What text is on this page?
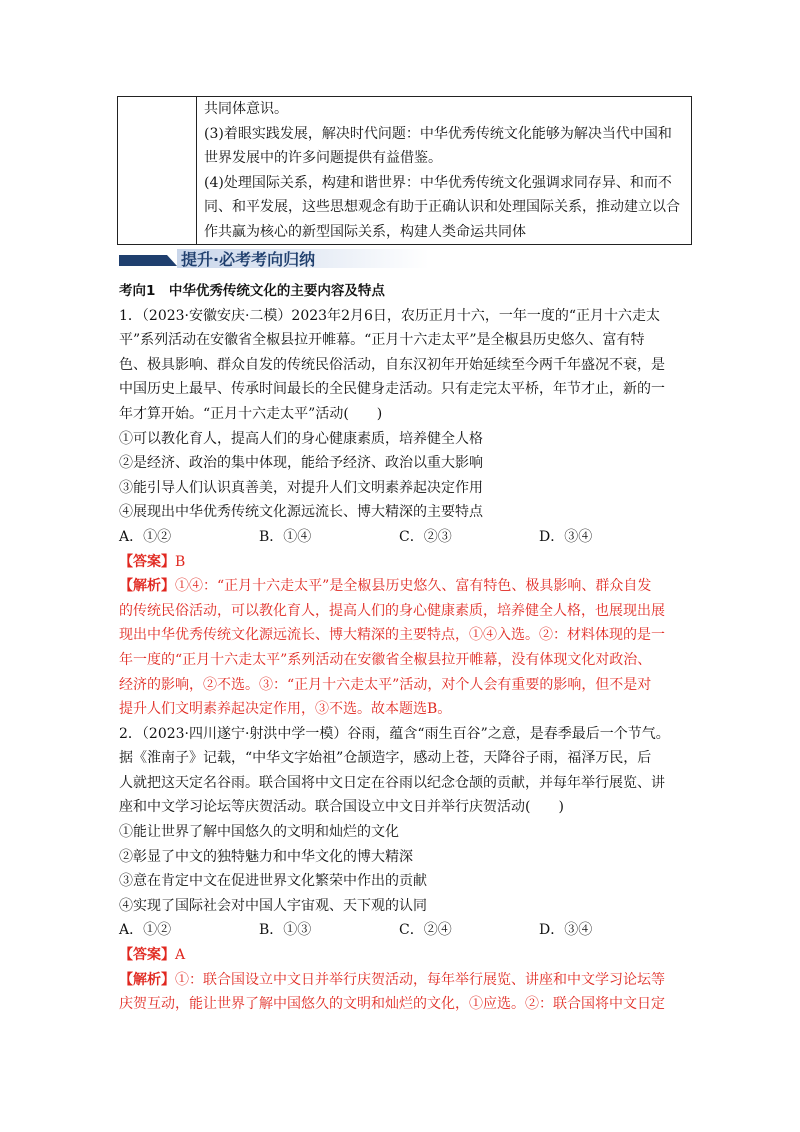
共同体意识。

(3)着眼实践发展，解决时代问题：中华优秀传统文化能够为解决当代中国和

世界发展中的许多问题提供有益借鉴。

(4)处理国际关系，构建和谐世界：中华优秀传统文化强调求同存异、和而不

同、和平发展，这些思想观念有助于正确认识和处理国际关系，推动建立以合

作共赢为核心的新型国际关系，构建人类命运共同体

提升·必考考向归纳

考向1　中华优秀传统文化的主要内容及特点

1．（2023·安徽安庆·二模）2023年2月6日，农历正月十六，一年一度的“正月十六走太

平”系列活动在安徽省全椒县拉开帷幕。“正月十六走太平”是全椒县历史悠久、富有特

色、极具影响、群众自发的传统民俗活动，自东汉初年开始延续至今两千年盛况不衰，是

中国历史上最早、传承时间最长的全民健身走活动。只有走完太平桥，年节才止，新的一

年才算开始。“正月十六走太平”活动(　　)

①可以教化育人，提高人们的身心健康素质，培养健全人格

②是经济、政治的集中体现，能给予经济、政治以重大影响

③能引导人们认识真善美，对提升人们文明素养起决定作用

④展现出中华优秀传统文化源远流长、博大精深的主要特点

A．①②	B．①④	C．②③	D．③④

【答案】B

【解析】①④：“正月十六走太平”是全椒县历史悠久、富有特色、极具影响、群众自发

的传统民俗活动，可以教化育人，提高人们的身心健康素质，培养健全人格，也展现出展

现出中华优秀传统文化源远流长、博大精深的主要特点，①④入选。②：材料体现的是一

年一度的“正月十六走太平”系列活动在安徽省全椒县拉开帷幕，没有体现文化对政治、

经济的影响，②不选。③：“正月十六走太平”活动，对个人会有重要的影响，但不是对

提升人们文明素养起决定作用，③不选。故本题选B。

2．（2023·四川遂宁·射洪中学一模）谷雨，蕴含“雨生百谷”之意，是春季最后一个节气。

据《淮南子》记载，“中华文字始祖”仓颉造字，感动上苍，天降谷子雨，福泽万民，后

人就把这天定名谷雨。联合国将中文日定在谷雨以纪念仓颉的贡献，并每年举行展览、讲

座和中文学习论坛等庆贺活动。联合国设立中文日并举行庆贺活动(　　)

①能让世界了解中国悠久的文明和灿烂的文化

②彰显了中文的独特魅力和中华文化的博大精深

③意在肯定中文在促进世界文化繁荣中作出的贡献

④实现了国际社会对中国人宇宙观、天下观的认同

A．①②	B．①③	C．②④	D．③④

【答案】A

【解析】①：联合国设立中文日并举行庆贺活动，每年举行展览、讲座和中文学习论坛等

庆贺互动，能让世界了解中国悠久的文明和灿烂的文化，①应选。②：联合国将中文日定
